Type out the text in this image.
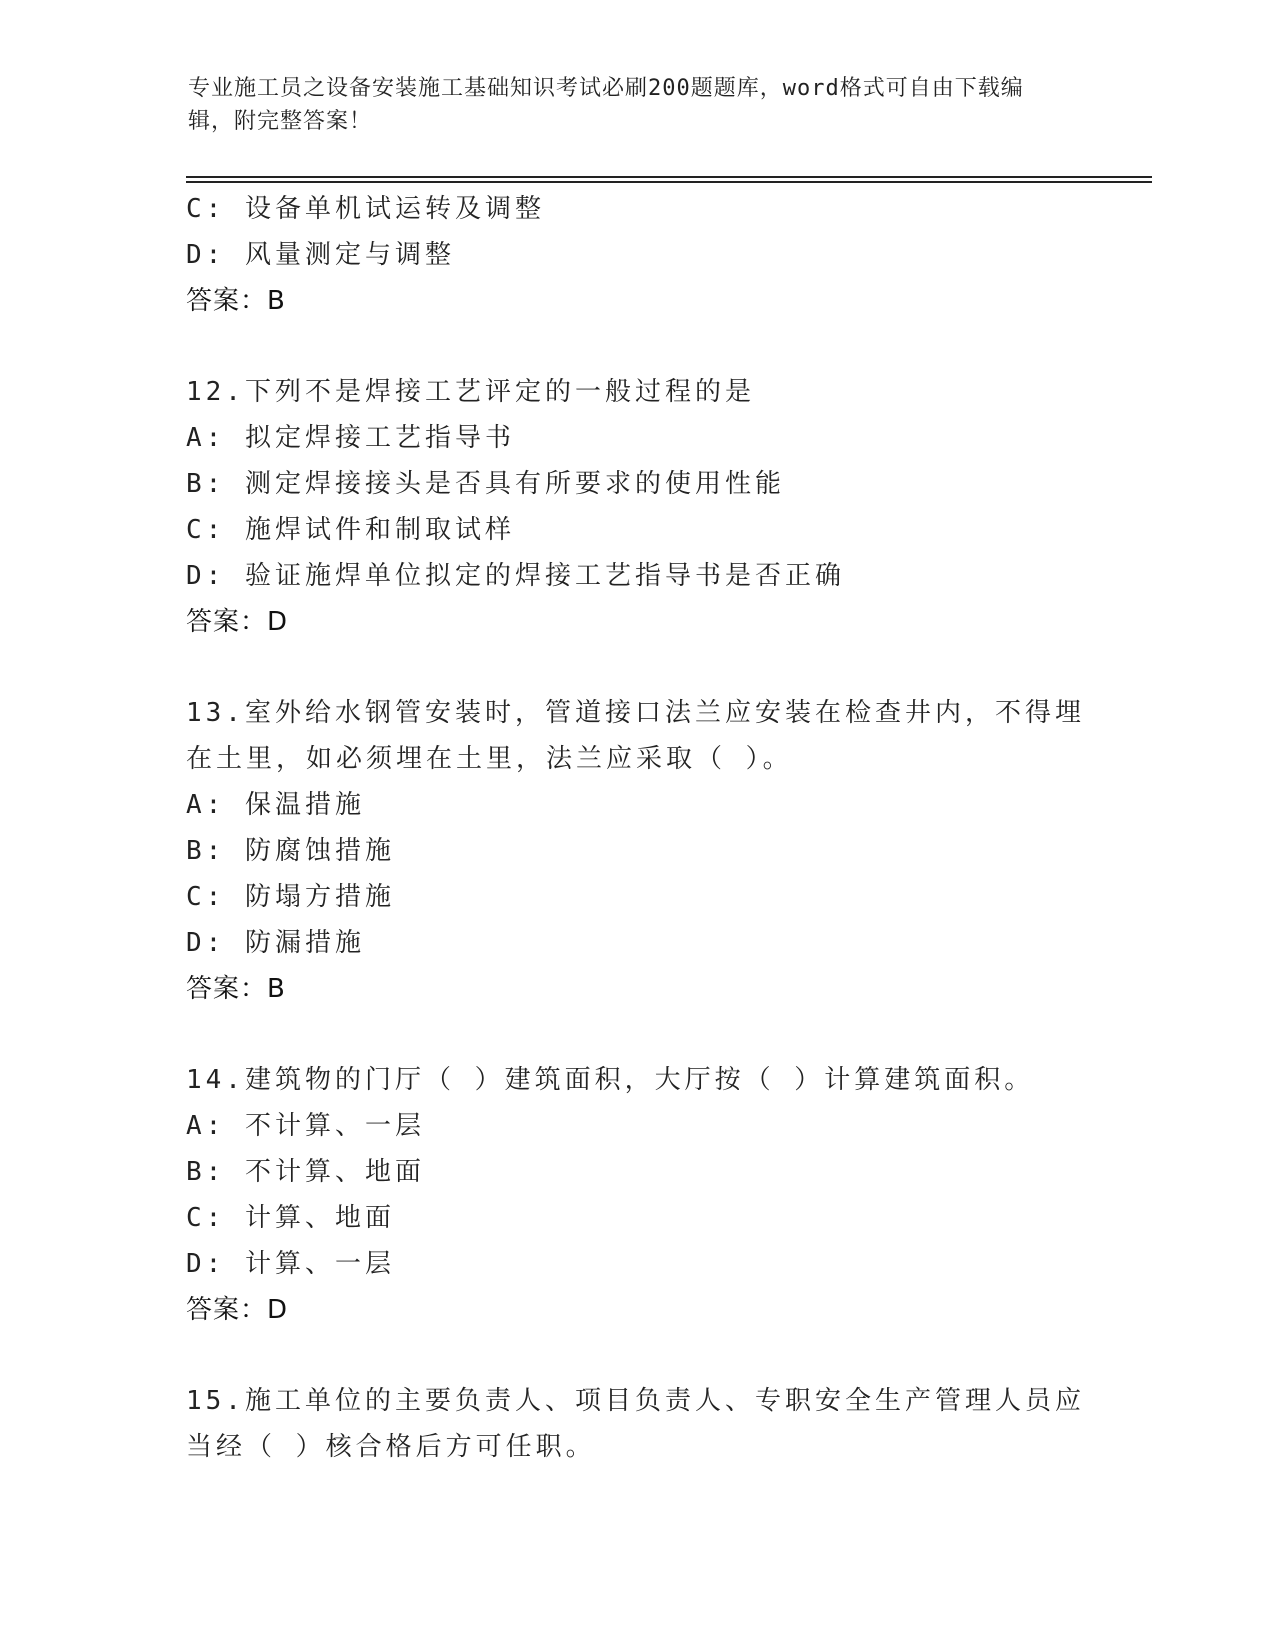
专业施工员之设备安装施工基础知识考试必刷200题题库，word格式可自由下载编辑，附完整答案！
C: 设备单机试运转及调整
D: 风量测定与调整
答案：B
12.下列不是焊接工艺评定的一般过程的是
A: 拟定焊接工艺指导书
B: 测定焊接接头是否具有所要求的使用性能
C: 施焊试件和制取试样
D: 验证施焊单位拟定的焊接工艺指导书是否正确
答案：D
13.室外给水钢管安装时，管道接口法兰应安装在检查井内，不得埋在土里，如必须埋在土里，法兰应采取（ ）。
A: 保温措施
B: 防腐蚀措施
C: 防塌方措施
D: 防漏措施
答案：B
14.建筑物的门厅（ ）建筑面积，大厅按（ ）计算建筑面积。
A: 不计算、一层
B: 不计算、地面
C: 计算、地面
D: 计算、一层
答案：D
15.施工单位的主要负责人、项目负责人、专职安全生产管理人员应当经（ ）核合格后方可任职。
